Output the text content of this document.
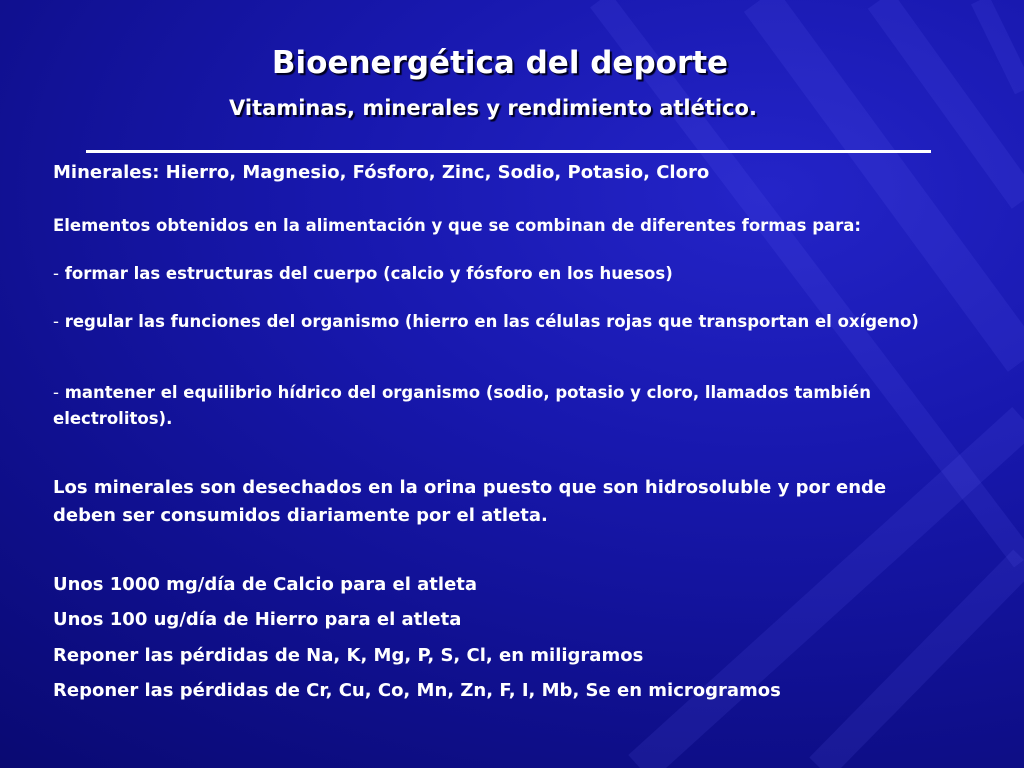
Bioenergética del deporte
Vitaminas, minerales y rendimiento atlético.
Minerales: Hierro, Magnesio, Fósforo, Zinc, Sodio, Potasio, Cloro
Elementos obtenidos en la alimentación y que se combinan de diferentes formas para:
- formar las estructuras del cuerpo (calcio y fósforo en los huesos)
- regular las funciones del organismo (hierro en las células rojas que transportan el oxígeno)
- mantener el equilibrio hídrico del organismo (sodio, potasio y cloro, llamados también electrolitos).
Los minerales son desechados en la orina puesto que son hidrosoluble y por ende deben ser consumidos diariamente por el atleta.
Unos 1000 mg/día de Calcio para el atleta
Unos 100 ug/día de Hierro para el atleta
Reponer las pérdidas de Na, K, Mg, P, S, Cl, en miligramos
Reponer las pérdidas de Cr, Cu, Co, Mn, Zn, F, I, Mb, Se en microgramos
